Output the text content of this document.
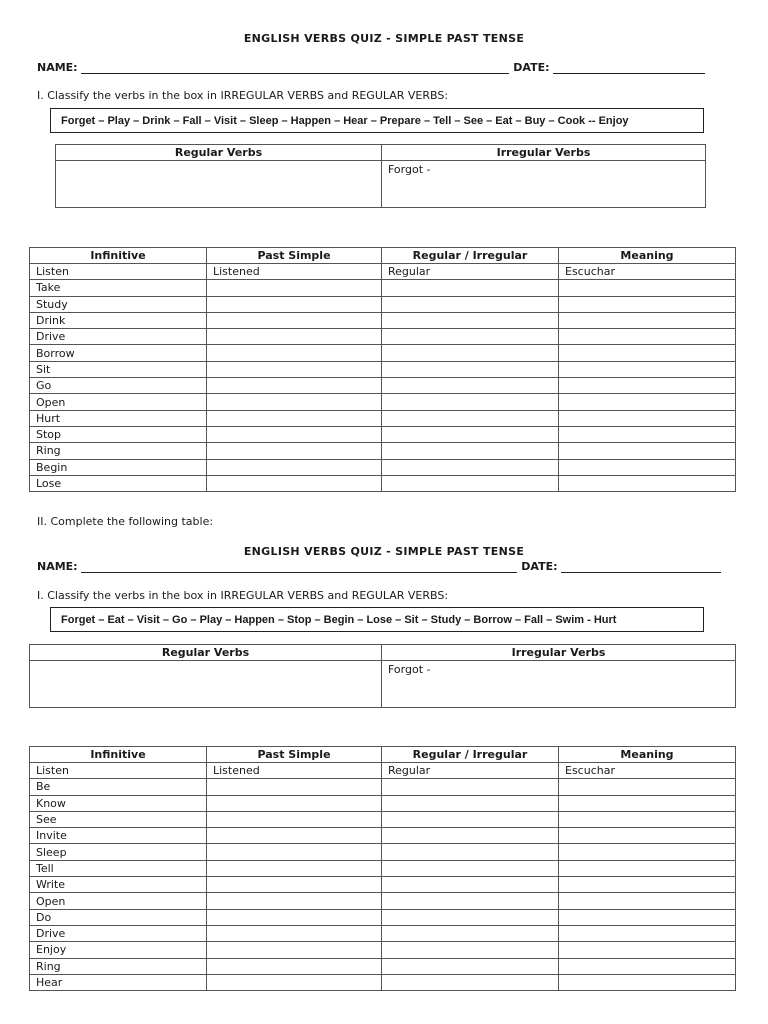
ENGLISH VERBS QUIZ - SIMPLE PAST TENSE
NAME:	DATE:
I. Classify the verbs in the box in IRREGULAR VERBS and REGULAR VERBS:
Forget – Play – Drink – Fall – Visit – Sleep – Happen – Hear – Prepare – Tell – See – Eat – Buy – Cook -- Enjoy
Regular Verbs	Irregular Verbs
	Forgot -
Infinitive	Past Simple	Regular / Irregular	Meaning
Listen	Listened	Regular	Escuchar
Take			
Study			
Drink			
Drive			
Borrow			
Sit			
Go			
Open			
Hurt			
Stop			
Ring			
Begin			
Lose			
II. Complete the following table:
ENGLISH VERBS QUIZ - SIMPLE PAST TENSE
NAME:	DATE:
I. Classify the verbs in the box in IRREGULAR VERBS and REGULAR VERBS:
Forget – Eat – Visit – Go – Play – Happen – Stop – Begin – Lose – Sit – Study – Borrow – Fall – Swim - Hurt
Regular Verbs	Irregular Verbs
	Forgot -
Infinitive	Past Simple	Regular / Irregular	Meaning
Listen	Listened	Regular	Escuchar
Be			
Know			
See			
Invite			
Sleep			
Tell			
Write			
Open			
Do			
Drive			
Enjoy			
Ring			
Hear			
